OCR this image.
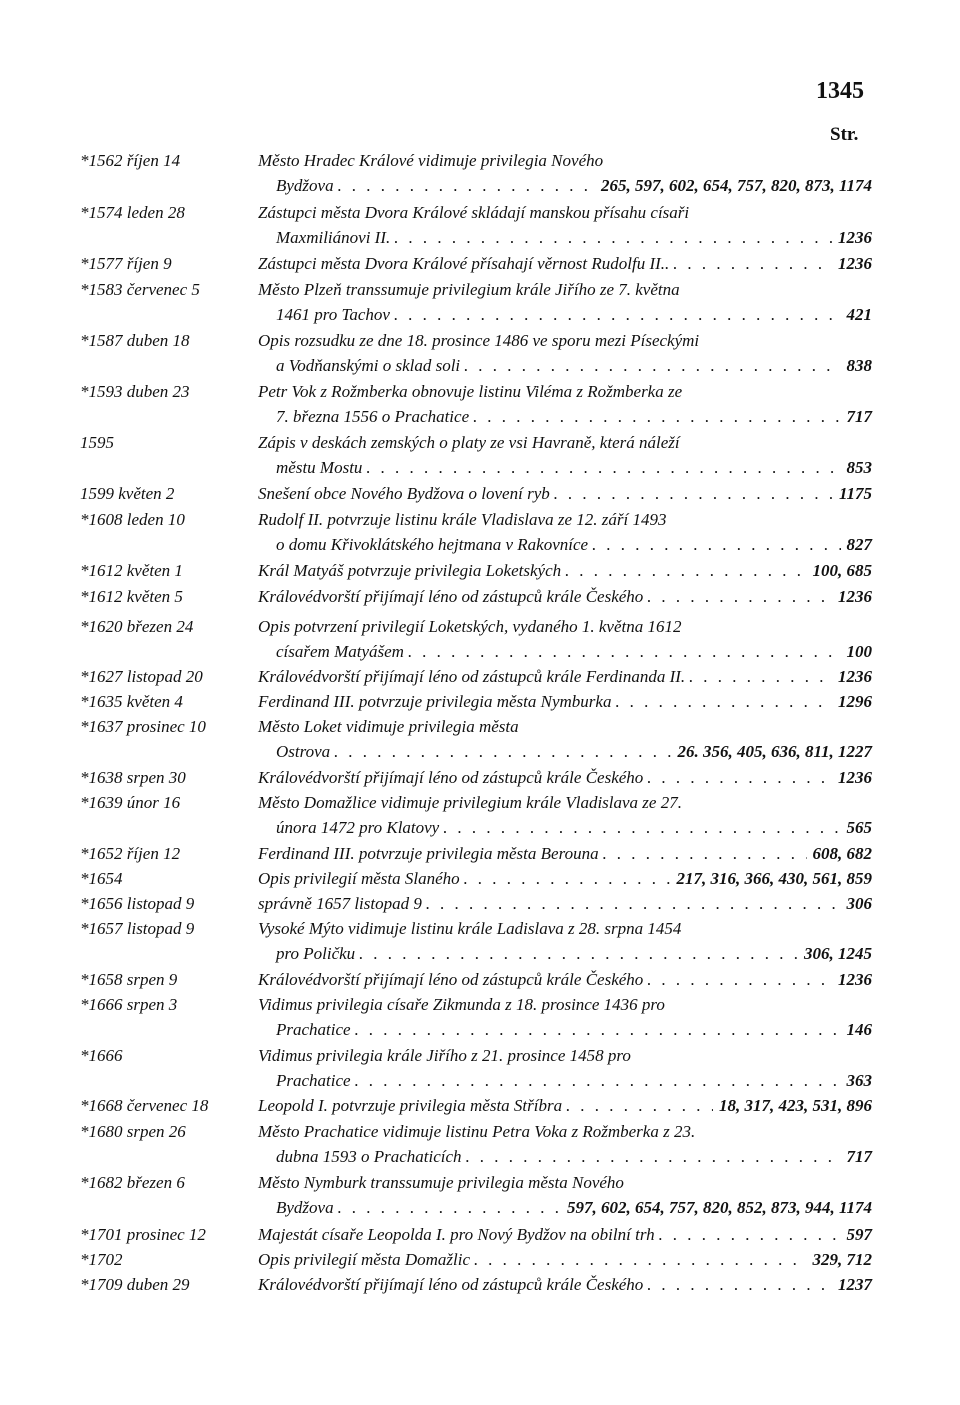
1345
Str.
*1562 říjen 14	Město Hradec Králové vidimuje privilegia Nového
Bydžova . . .	265, 597, 602, 654, 757, 820, 873, 1174
*1574 leden 28	Zástupci města Dvora Králové skládají manskou přísahu císaři
Maxmiliánovi II. . . .	1236
*1577 říjen 9	Zástupci města Dvora Králové přísahají věrnost Rudolfu II.. . . .	1236
*1583 červenec 5	Město Plzeň transsumuje privilegium krále Jiřího ze 7. května
1461 pro Tachov . . .	421
*1587 duben 18	Opis rozsudku ze dne 18. prosince 1486 ve sporu mezi Píseckými
a Vodňanskými o sklad soli . . .	838
*1593 duben 23	Petr Vok z Rožmberka obnovuje listinu Viléma z Rožmberka ze
7. března 1556 o Prachatice . . .	717
1595	Zápis v deskách zemských o platy ze vsi Havraně, která náleží
městu Mostu . . .	853
1599 květen 2	Snešení obce Nového Bydžova o lovení ryb . . .	1175
*1608 leden 10	Rudolf II. potvrzuje listinu krále Vladislava ze 12. září 1493
o domu Křivoklátského hejtmana v Rakovníce . . .	827
*1612 květen 1	Král Matyáš potvrzuje privilegia Loketských . . .	100, 685
*1612 květen 5	Královédvorští přijímají léno od zástupců krále Českého . . .	1236
*1620 březen 24	Opis potvrzení privilegií Loketských, vydaného 1. května 1612
císařem Matyášem . . .	100
*1627 listopad 20	Královédvorští přijímají léno od zástupců krále Ferdinanda II. . . .	1236
*1635 květen 4	Ferdinand III. potvrzuje privilegia města Nymburka . . .	1296
*1637 prosinec 10	Město Loket vidimuje privilegia města
Ostrova . . .	26. 356, 405, 636, 811, 1227
*1638 srpen 30	Královédvorští přijímají léno od zástupců krále Českého . . .	1236
*1639 únor 16	Město Domažlice vidimuje privilegium krále Vladislava ze 27.
února 1472 pro Klatovy . . .	565
*1652 říjen 12	Ferdinand III. potvrzuje privilegia města Berouna . . .	608, 682
*1654	Opis privilegií města Slaného . . .	217, 316, 366, 430, 561, 859
*1656 listopad 9	správně 1657 listopad 9 . . .	306
*1657 listopad 9	Vysoké Mýto vidimuje listinu krále Ladislava z 28. srpna 1454
pro Poličku . . .	306, 1245
*1658 srpen 9	Královédvorští přijímají léno od zástupců krále Českého . . .	1236
*1666 srpen 3	Vidimus privilegia císaře Zikmunda z 18. prosince 1436 pro
Prachatice . . .	146
*1666	Vidimus privilegia krále Jiřího z 21. prosince 1458 pro
Prachatice . . .	363
*1668 červenec 18	Leopold I. potvrzuje privilegia města Stříbra . . .	18, 317, 423, 531, 896
*1680 srpen 26	Město Prachatice vidimuje listinu Petra Voka z Rožmberka z 23.
dubna 1593 o Prachaticích . . .	717
*1682 březen 6	Město Nymburk transsumuje privilegia města Nového
Bydžova . . .	597, 602, 654, 757, 820, 852, 873, 944, 1174
*1701 prosinec 12	Majestát císaře Leopolda I. pro Nový Bydžov na obilní trh . . .	597
*1702	Opis privilegií města Domažlic . . .	329, 712
*1709 duben 29	Královédvorští přijímají léno od zástupců krále Českého . . .	1237
